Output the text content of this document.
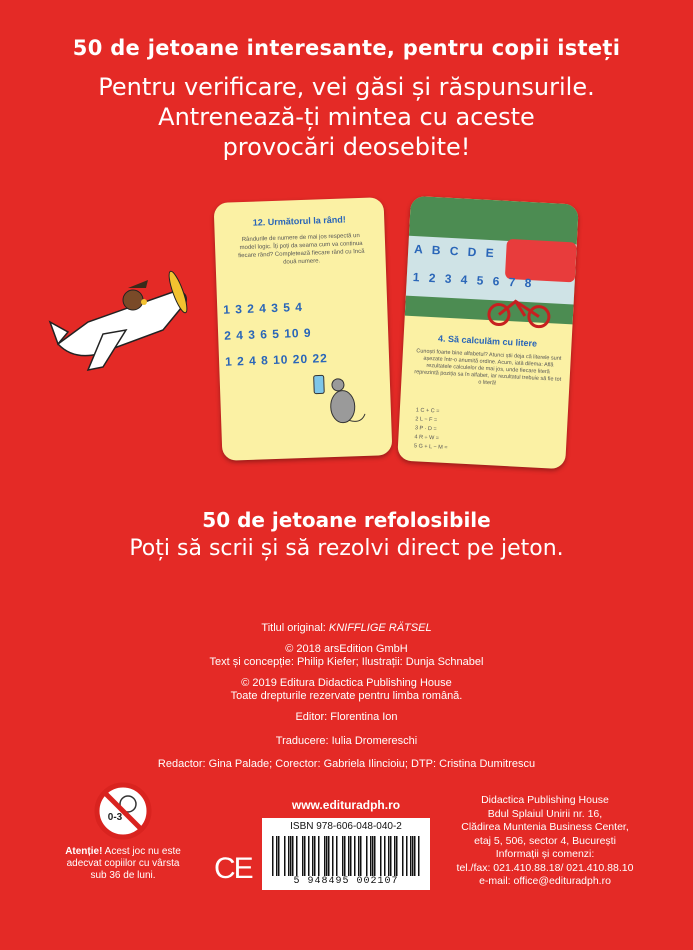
50 de jetoane interesante, pentru copii isteți
Pentru verificare, vei găsi și răspunsurile.
Antrenează-ți mintea cu aceste
provocări deosebite!
12. Următorul la rând!
Rândurile de numere de mai jos respectă un model logic. Îți poți da seama cum va continua fiecare rând? Completează fiecare rând cu încă două numere.
1 3 2 4 3 5 4
2 4 3 6 5 10 9
1 2 4 8 10 20 22
A B C D E
1 2 3 4 5 6 7 8
4. Să calculăm cu litere
Cunoști foarte bine alfabetul? Atunci știi deja că literele sunt așezate într-o anumită ordine. Acum, iată dilema: Află rezultatele calculelor de mai jos, unde fiecare literă reprezintă poziția sa în alfabet, iar rezultatul trebuie să fie tot o literă!
1 C + C =
2 L − F =
3 P · D =
4 R ÷ W =
5 G + L − M =
50 de jetoane refolosibile
Poți să scrii și să rezolvi direct pe jeton.
Titlul original: KNIFFLIGE RÄTSEL
© 2018 arsEdition GmbH
Text și concepție: Philip Kiefer; Ilustrații: Dunja Schnabel
© 2019 Editura Didactica Publishing House
Toate drepturile rezervate pentru limba română.
Editor: Florentina Ion
Traducere: Iulia Dromereschi
Redactor: Gina Palade; Corector: Gabriela Ilincioiu; DTP: Cristina Dumitrescu
0-3
Atenție! Acest joc nu este adecvat copiilor cu vârsta sub 36 de luni.	CE
www.edituradph.ro
ISBN 978-606-048-040-2
5 948495 002107
Didactica Publishing House
Bdul Splaiul Unirii nr. 16,
Clădirea Muntenia Business Center,
etaj 5, 506, sector 4, București
Informații și comenzi:
tel./fax: 021.410.88.18/ 021.410.88.10
e-mail: office@edituradph.ro
